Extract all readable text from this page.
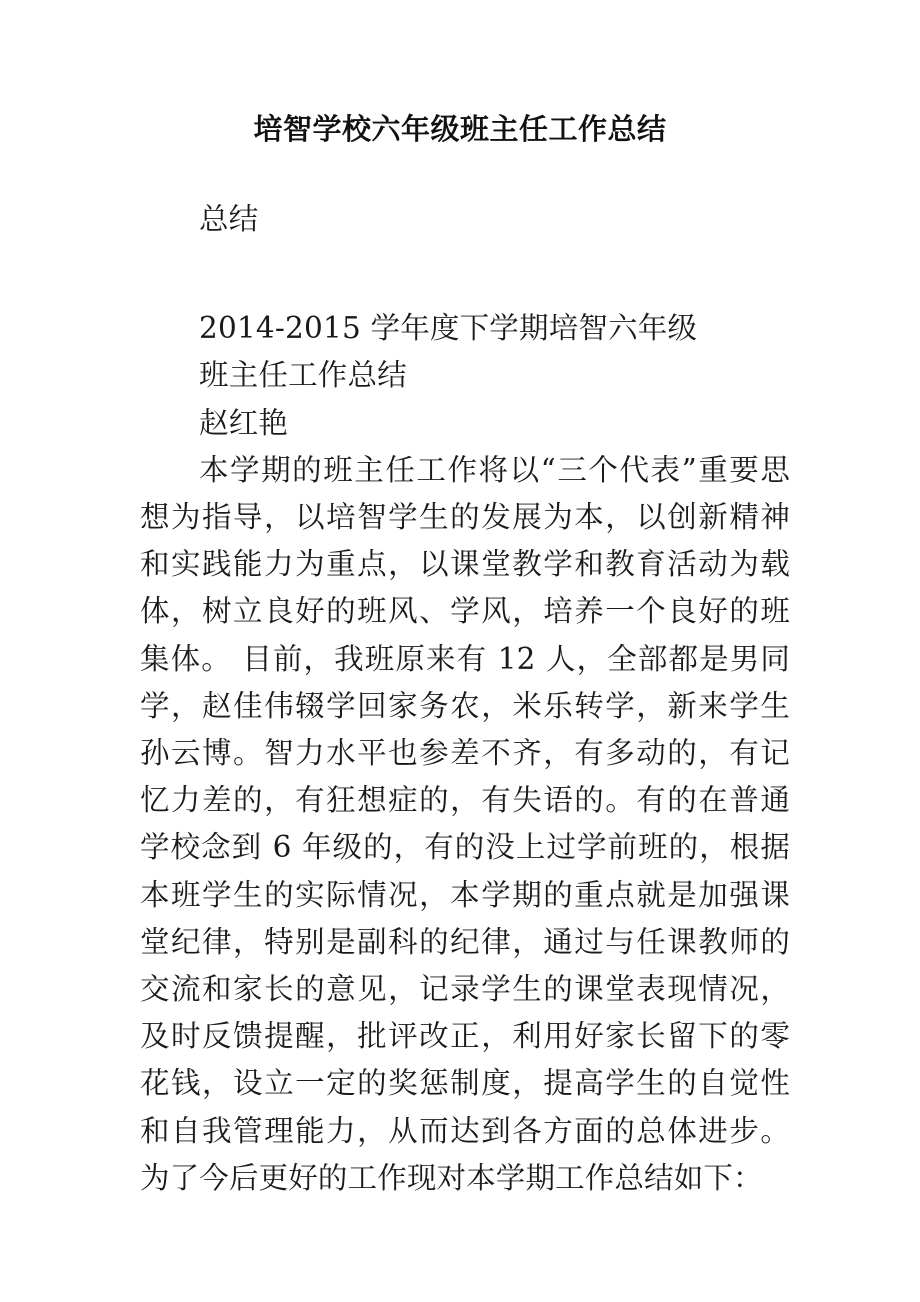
培智学校六年级班主任工作总结

总结

2014-2015 学年度下学期培智六年级

班主任工作总结

赵红艳

本学期的班主任工作将以“三个代表”重要思想为指导，以培智学生的发展为本，以创新精神和实践能力为重点，以课堂教学和教育活动为载体，树立良好的班风、学风，培养一个良好的班集体。 目前，我班原来有 12 人，全部都是男同学，赵佳伟辍学回家务农，米乐转学，新来学生孙云博。智力水平也参差不齐，有多动的，有记忆力差的，有狂想症的，有失语的。有的在普通学校念到 6 年级的，有的没上过学前班的，根据本班学生的实际情况，本学期的重点就是加强课堂纪律，特别是副科的纪律，通过与任课教师的交流和家长的意见，记录学生的课堂表现情况，及时反馈提醒，批评改正，利用好家长留下的零花钱，设立一定的奖惩制度，提高学生的自觉性和自我管理能力，从而达到各方面的总体进步。为了今后更好的工作现对本学期工作总结如下：
